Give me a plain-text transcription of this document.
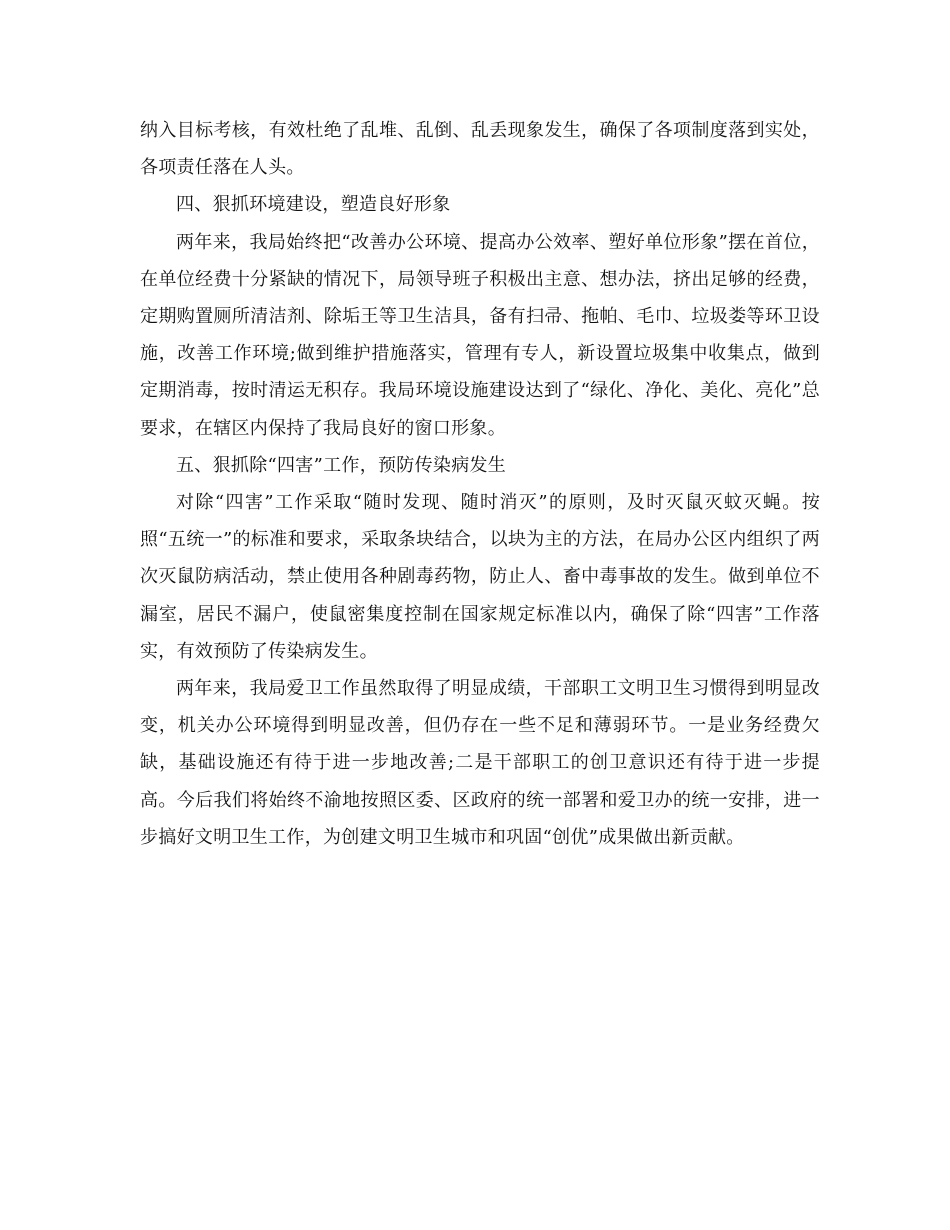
纳入目标考核，有效杜绝了乱堆、乱倒、乱丢现象发生，确保了各项制度落到实处，各项责任落在人头。

四、狠抓环境建设，塑造良好形象

两年来，我局始终把“改善办公环境、提高办公效率、塑好单位形象”摆在首位，在单位经费十分紧缺的情况下，局领导班子积极出主意、想办法，挤出足够的经费，定期购置厕所清洁剂、除垢王等卫生洁具，备有扫帚、拖帕、毛巾、垃圾娄等环卫设施，改善工作环境;做到维护措施落实，管理有专人，新设置垃圾集中收集点，做到定期消毒，按时清运无积存。我局环境设施建设达到了“绿化、净化、美化、亮化”总要求，在辖区内保持了我局良好的窗口形象。

五、狠抓除“四害”工作，预防传染病发生

对除“四害”工作采取“随时发现、随时消灭”的原则，及时灭鼠灭蚊灭蝇。按照“五统一”的标准和要求，采取条块结合，以块为主的方法，在局办公区内组织了两次灭鼠防病活动，禁止使用各种剧毒药物，防止人、畜中毒事故的发生。做到单位不漏室，居民不漏户，使鼠密集度控制在国家规定标准以内，确保了除“四害”工作落实，有效预防了传染病发生。

两年来，我局爱卫工作虽然取得了明显成绩，干部职工文明卫生习惯得到明显改变，机关办公环境得到明显改善，但仍存在一些不足和薄弱环节。一是业务经费欠缺，基础设施还有待于进一步地改善;二是干部职工的创卫意识还有待于进一步提高。今后我们将始终不渝地按照区委、区政府的统一部署和爱卫办的统一安排，进一步搞好文明卫生工作，为创建文明卫生城市和巩固“创优”成果做出新贡献。
